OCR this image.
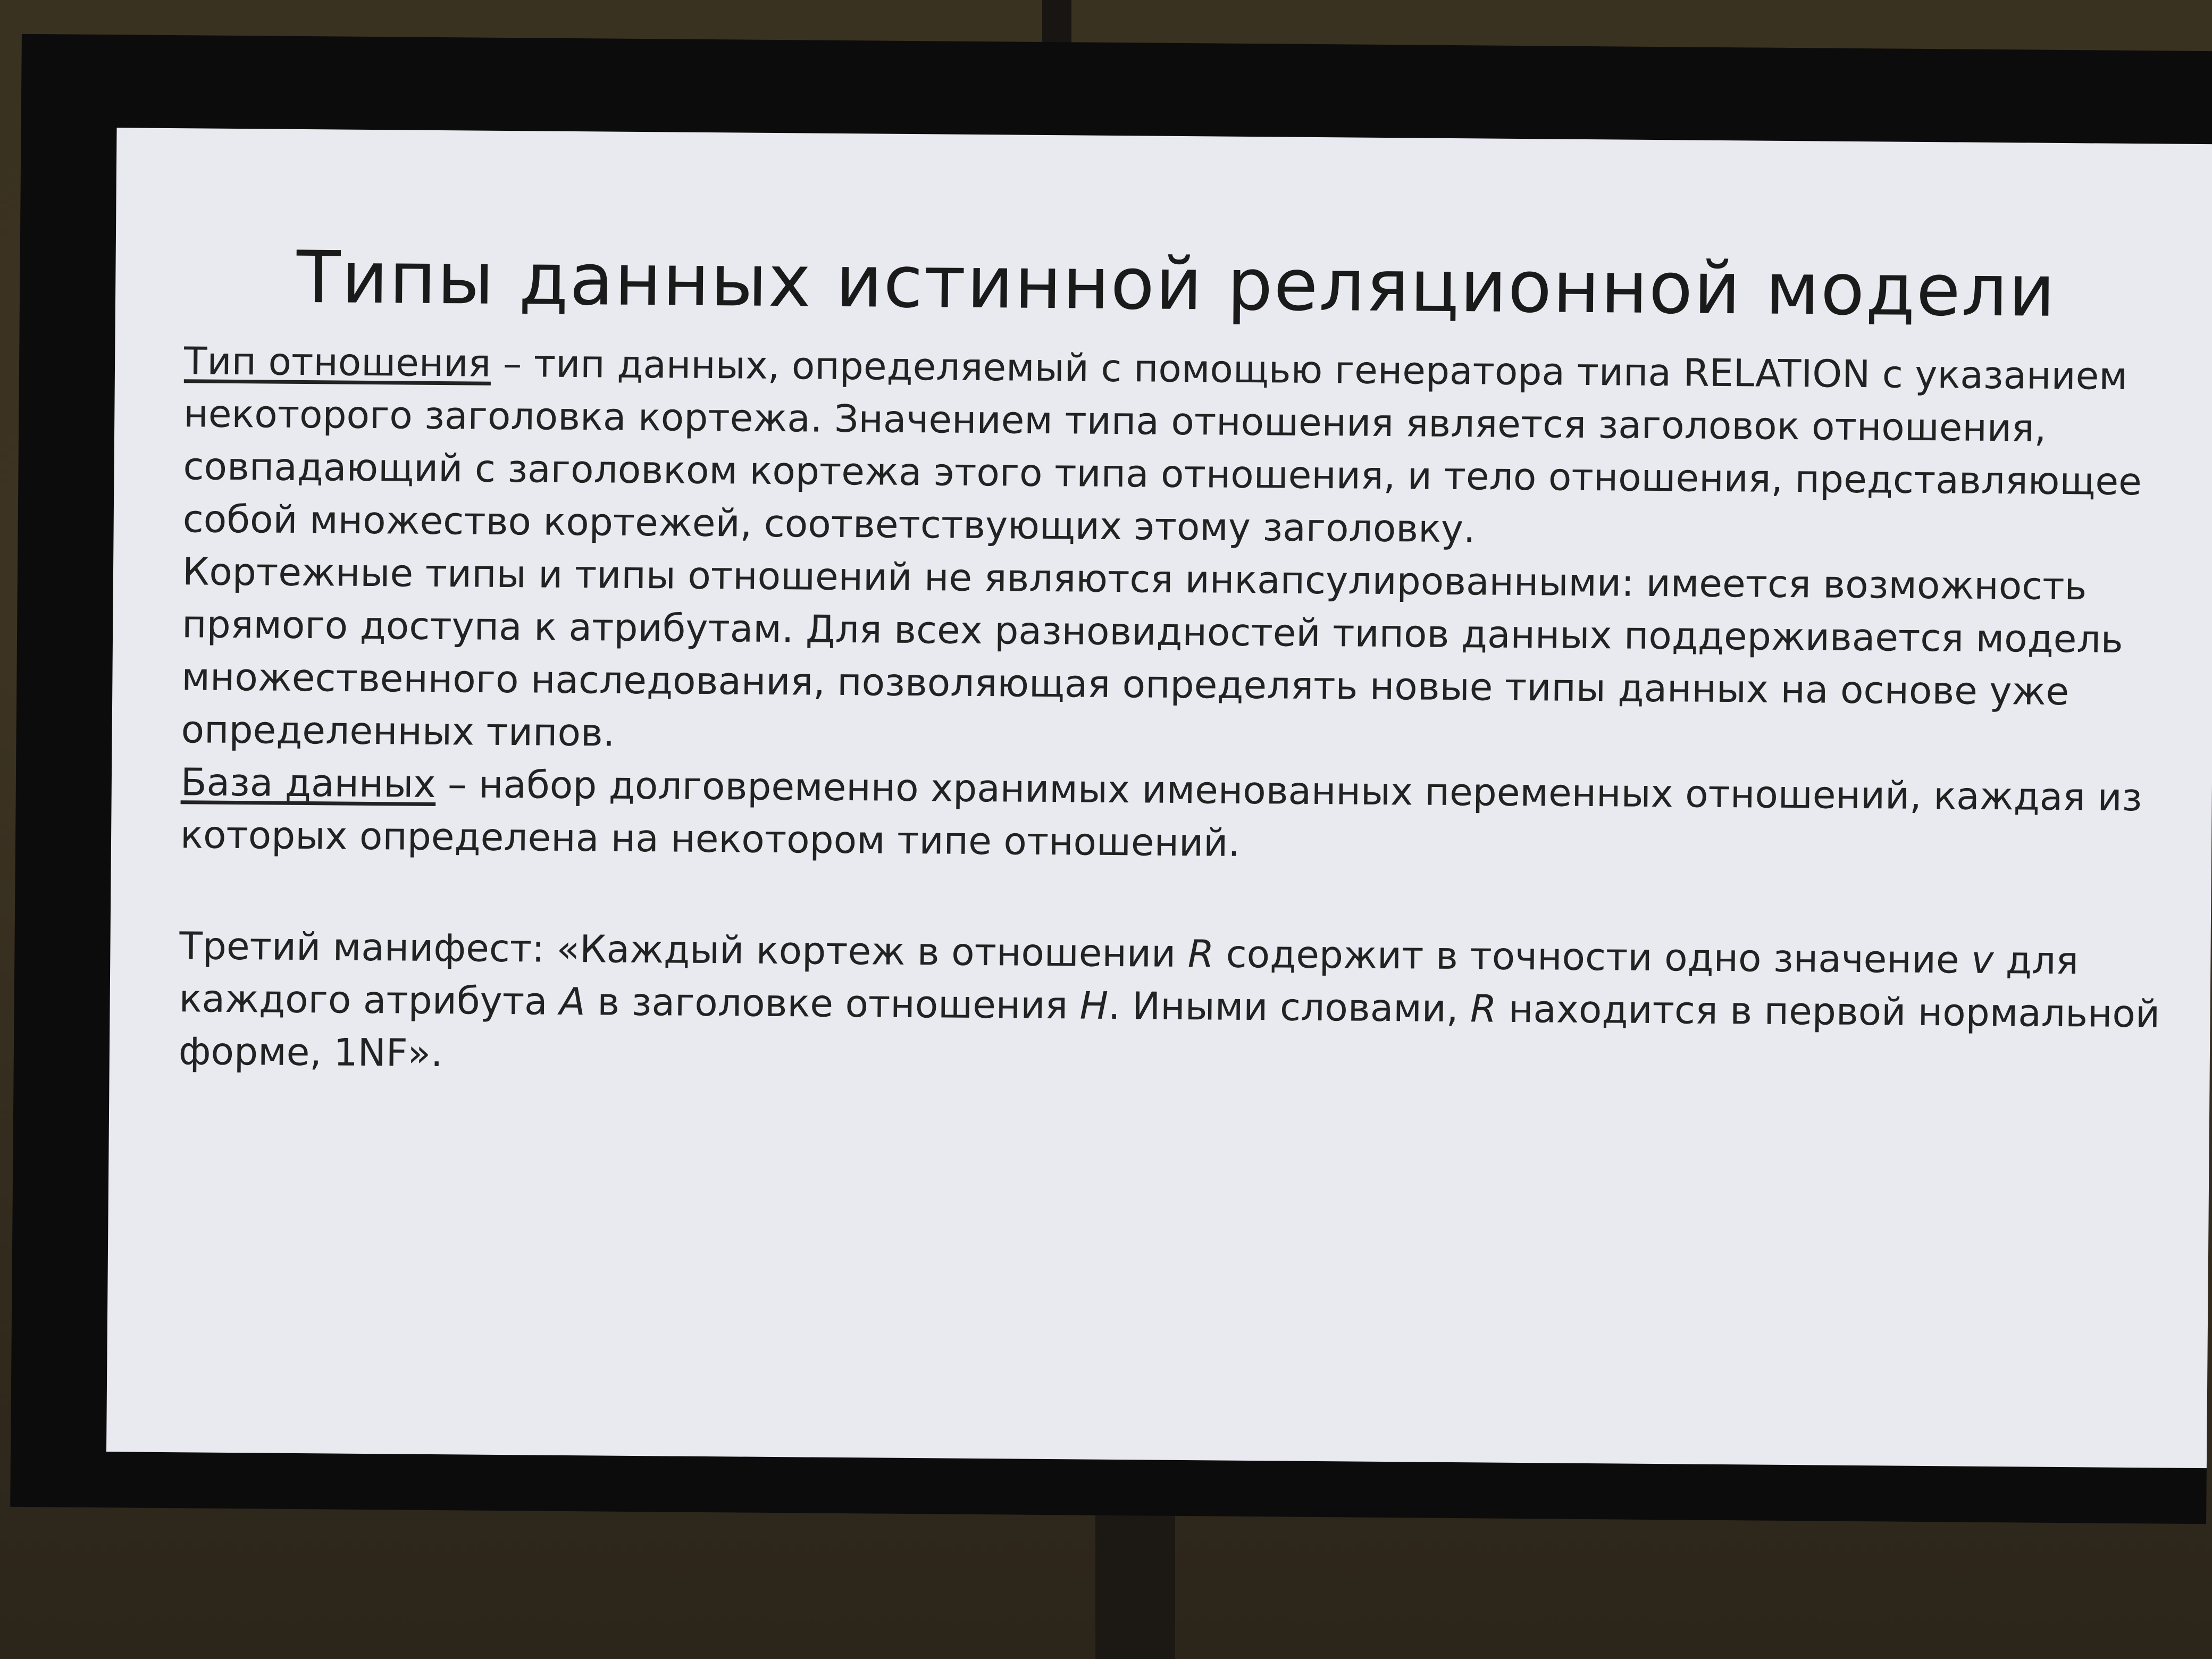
Типы данных истинной реляционной модели

Тип отношения – тип данных, определяемый с помощью генератора типа RELATION с указанием некоторого заголовка кортежа. Значением типа отношения является заголовок отношения, совпадающий с заголовком кортежа этого типа отношения, и тело отношения, представляющее собой множество кортежей, соответствующих этому заголовку.

Кортежные типы и типы отношений не являются инкапсулированными: имеется возможность прямого доступа к атрибутам. Для всех разновидностей типов данных поддерживается модель множественного наследования, позволяющая определять новые типы данных на основе уже определенных типов.

База данных – набор долговременно хранимых именованных переменных отношений, каждая из которых определена на некотором типе отношений.

Третий манифест: «Каждый кортеж в отношении R содержит в точности одно значение v для каждого атрибута A в заголовке отношения H. Иными словами, R находится в первой нормальной форме, 1NF».
